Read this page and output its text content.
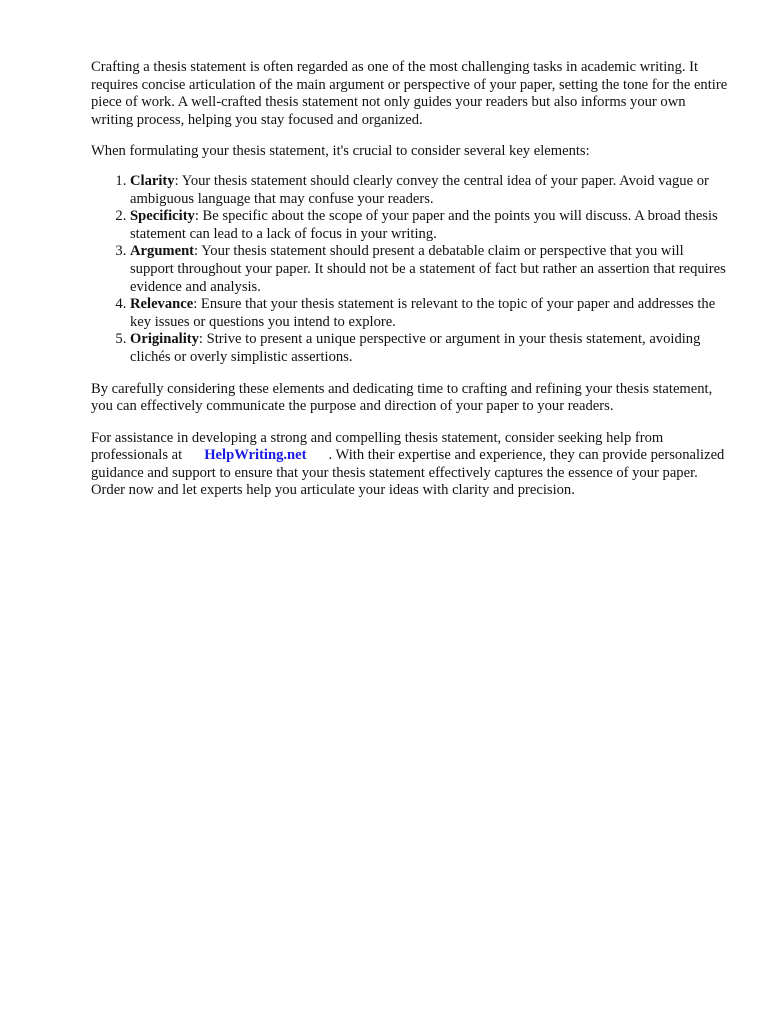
Crafting a thesis statement is often regarded as one of the most challenging tasks in academic writing. It requires concise articulation of the main argument or perspective of your paper, setting the tone for the entire piece of work. A well-crafted thesis statement not only guides your readers but also informs your own writing process, helping you stay focused and organized.

When formulating your thesis statement, it's crucial to consider several key elements:

1. Clarity: Your thesis statement should clearly convey the central idea of your paper. Avoid vague or ambiguous language that may confuse your readers.
2. Specificity: Be specific about the scope of your paper and the points you will discuss. A broad thesis statement can lead to a lack of focus in your writing.
3. Argument: Your thesis statement should present a debatable claim or perspective that you will support throughout your paper. It should not be a statement of fact but rather an assertion that requires evidence and analysis.
4. Relevance: Ensure that your thesis statement is relevant to the topic of your paper and addresses the key issues or questions you intend to explore.
5. Originality: Strive to present a unique perspective or argument in your thesis statement, avoiding clichés or overly simplistic assertions.

By carefully considering these elements and dedicating time to crafting and refining your thesis statement, you can effectively communicate the purpose and direction of your paper to your readers.

For assistance in developing a strong and compelling thesis statement, consider seeking help from professionals at HelpWriting.net . With their expertise and experience, they can provide personalized guidance and support to ensure that your thesis statement effectively captures the essence of your paper. Order now and let experts help you articulate your ideas with clarity and precision.
